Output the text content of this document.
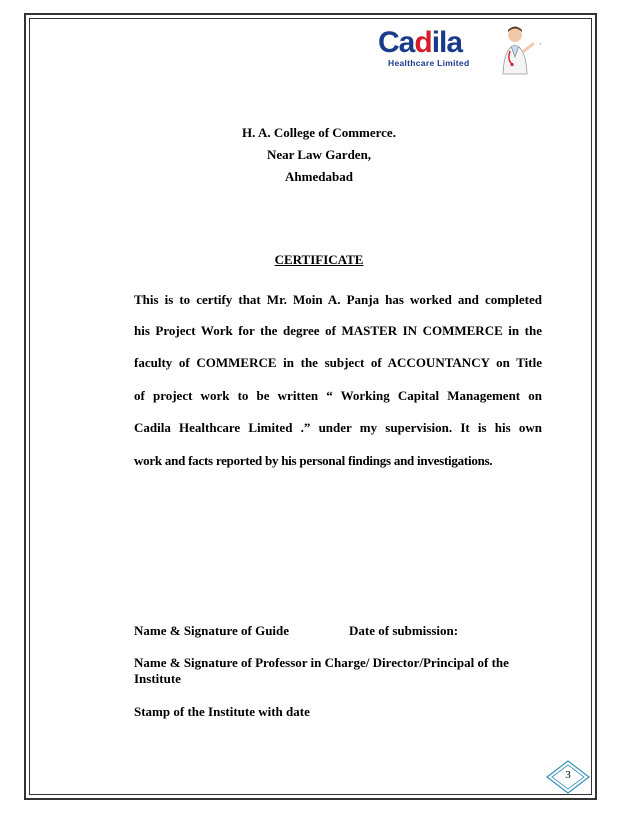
Cadila
Healthcare Limited
`
H. A. College of Commerce.
Near Law Garden,
Ahmedabad
CERTIFICATE
This is to certify that Mr. Moin A. Panja has worked and completed
his Project Work for the degree of MASTER IN COMMERCE in the
faculty of COMMERCE in the subject of ACCOUNTANCY on Title
of project work to be written “ Working Capital Management on
Cadila Healthcare Limited .” under my supervision. It is his own
work and facts reported by his personal findings and investigations.
Name & Signature of Guide	Date of submission:
Name & Signature of Professor in Charge/ Director/Principal of the
Institute
Stamp of the Institute with date
3
